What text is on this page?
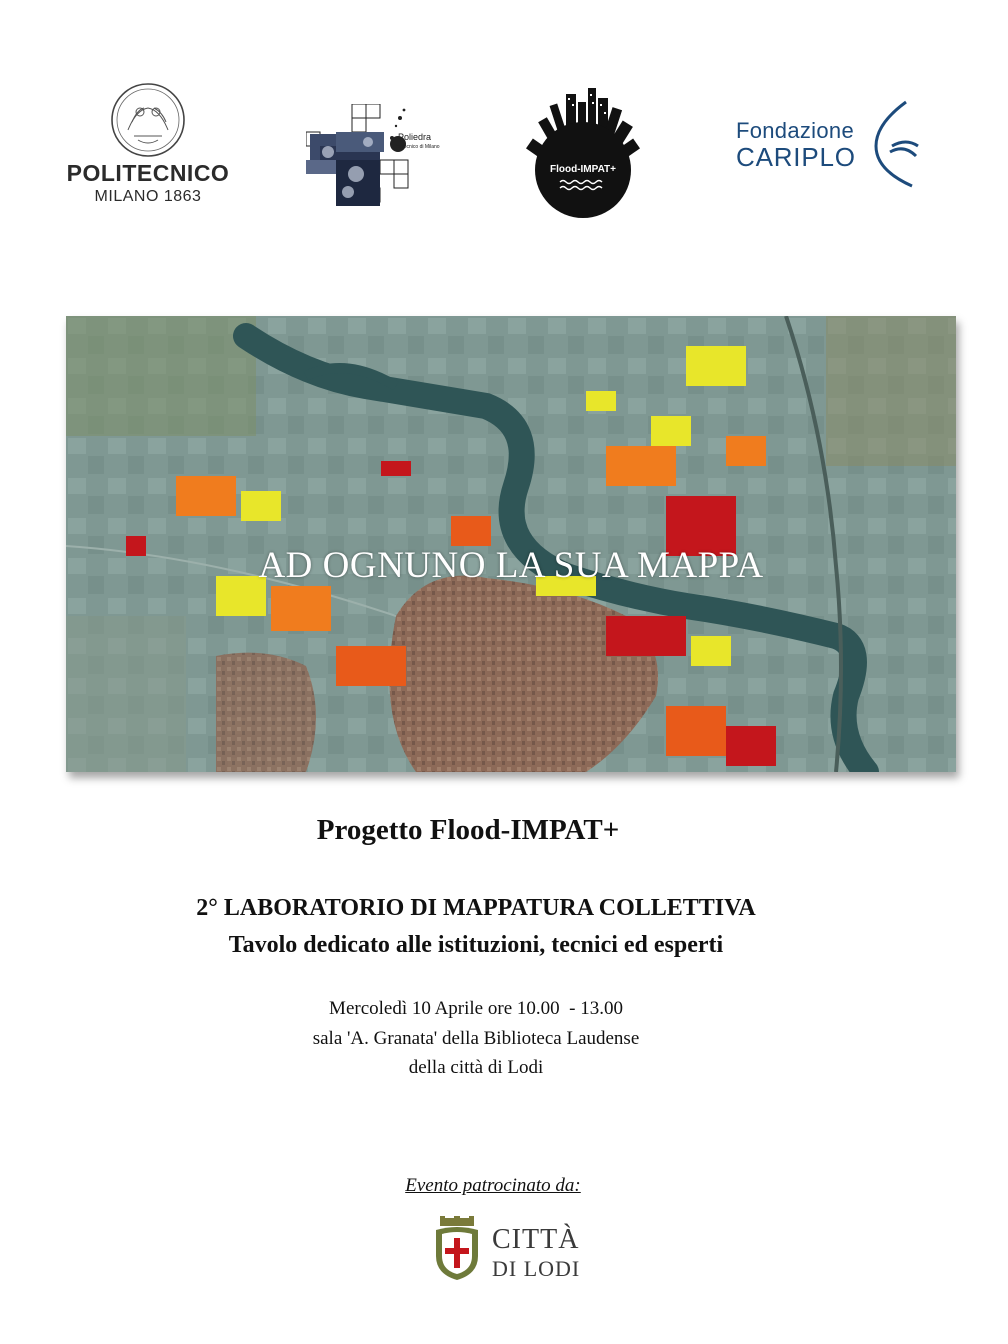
POLITECNICO
MILANO 1863
Poliedra
Politecnico di Milano
Flood-IMPAT+
Fondazione
CARIPLO
AD OGNUNO LA SUA MAPPA
Progetto Flood-IMPAT+
2° LABORATORIO DI MAPPATURA COLLETTIVA
Tavolo dedicato alle istituzioni, tecnici ed esperti
Mercoledì 10 Aprile ore 10.00  - 13.00
sala 'A. Granata' della Biblioteca Laudense
della città di Lodi
Evento patrocinato da:
CITTÀ
DI LODI
